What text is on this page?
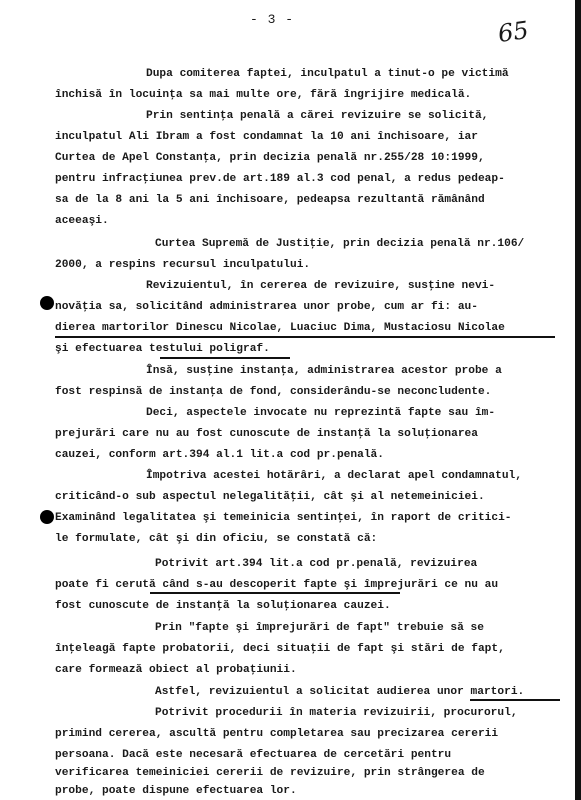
- 3 -	65
Dupa comiterea faptei, inculpatul a tinut-o pe victimă
închisă în locuinţa sa mai multe ore, fără îngrijire medicală.
Prin sentinţa penală a cărei revizuire se solicită,
inculpatul Ali Ibram a fost condamnat la 10 ani închisoare, iar
Curtea de Apel Constanţa, prin decizia penală nr.255/28 10:1999,
pentru infracţiunea prev.de art.189 al.3 cod penal, a redus pedeap-
sa de la 8 ani la 5 ani închisoare, pedeapsa rezultantă rămânând
aceeaşi.
Curtea Supremă de Justiţie, prin decizia penală nr.106/
2000, a respins recursul inculpatului.
Revizuientul, în cererea de revizuire, susţine nevi-
novăţia sa, solicitând administrarea unor probe, cum ar fi: au-
dierea martorilor Dinescu Nicolae, Luaciuc Dima, Mustaciosu Nicolae
şi efectuarea testului poligraf.
Însă, susţine instanţa, administrarea acestor probe a
fost respinsă de instanţa de fond, considerându-se neconcludente.
Deci, aspectele invocate nu reprezintă fapte sau îm-
prejurări care nu au fost cunoscute de instanţă la soluţionarea
cauzei, conform art.394 al.1 lit.a cod pr.penală.
Împotriva acestei hotărâri, a declarat apel condamnatul,
criticând-o sub aspectul nelegalităţii, cât şi al netemeiniciei.
Examinând legalitatea şi temeinicia sentinţei, în raport de critici-
le formulate, cât şi din oficiu, se constată că:
Potrivit art.394 lit.a cod pr.penală, revizuirea
poate fi cerută când s-au descoperit fapte şi împrejurări ce nu au
fost cunoscute de instanţă la soluţionarea cauzei.
Prin "fapte şi împrejurări de fapt" trebuie să se
înţeleagă fapte probatorii, deci situaţii de fapt şi stări de fapt,
care formează obiect al probaţiunii.
Astfel, revizuientul a solicitat audierea unor martori.
Potrivit procedurii în materia revizuirii, procurorul,
primind cererea, ascultă pentru completarea sau precizarea cererii
persoana. Dacă este necesară efectuarea de cercetări pentru
verificarea temeiniciei cererii de revizuire, prin strângerea de
probe, poate dispune efectuarea lor.
